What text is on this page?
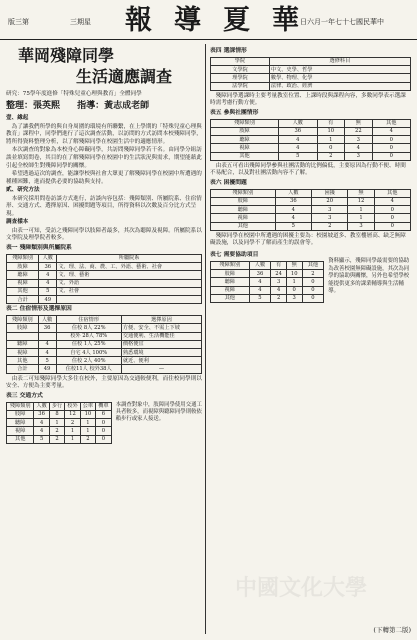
版三第	三期星 報導夏華
日六月一年七十七國民華中
華岡殘障同學
生活適應調查
研究：75學年度進修「特殊兒童心理與教育」全體同學
整理：張英熙 指導：黃志成老師

壹、緣起

為了讓我們所學的與自身周圍的環境有所聯繫，在上學期的「特殊兒童心理與教育」課程中，同學們進行了這次調查活動，以訪問的方式訪問本校殘障同學，將所得資料整理分析，以了解殘障同學在校園生活中的適應情形。

本次調查的對象為本校身心障礙同學，共訪問殘障同學若干名。由同學分組訪談並填寫問卷，其目的在了解殘障同學在校園中的生活狀況與需求，期望能藉此引起全校師生對殘障同學的關懷。

希望透過這次的調查，能讓學校與社會大眾更了解殘障同學在校園中所遭遇的種種困難，進而提供必要的協助與支持。

貳、研究方法

本研究採用問卷訪談方式進行，訪談內容包括：殘障類別、所屬院系、住宿情形、交通方式、選擇原因、困擾問題等項目，所得資料以次數及百分比方式呈現。

調查樣本

由表一可知，受訪之殘障同學以肢障者最多，其次為聽障及視障。所屬院系以文學院及理學院者較多。

表一 殘障類別與所屬院系
殘障類別	人數	所屬院系
肢障	36	文、理、法、商、農、工、外語、藝術、社會
聽障	4	文、理、藝術
視障	4	文、外語
其他	5	文、社會
合計	49	
表二 住宿情形及選擇原因
殘障類別	人數	住宿情形	選擇原因
肢障	36	住校 8人 22%	方便、安全、不需上下坡
		校外 28人 78%	交通便利、生活機能佳
聽障	4	住校 1人 25%	價格便宜
視障	4	自宅 4人 100%	熟悉環境
其他	5	住校 2人 40%	就近、便利
合計	49	住校11人 校外38人	—

由表二可知殘障同學大多住在校外，主要原因為交通較便利，而住校同學則以安全、方便為主要考量。

表三 交通方式
殘障類別	人數	步行	校外	公車	機車
肢障	36	8	12	10	6
聽障	4	1	2	1	0
視障	4	2	1	1	0
其他	5	2	1	2	0
本調查對象中，肢障同學使用交通工具者較多，而視障與聽障同學則較依賴步行或家人接送。
表四 選課情形
學院	選修科目
文學院	中文、史學、哲學
理學院	數學、物理、化學
法學院	法律、政治、經濟

殘障同學選課時主要考量教室位置、上課時段與課程內容，多數同學表示選課時需考慮行動方便。

表五 參與社團情形
殘障類別	人數	有	無	其他
肢障	36	10	22	4
聽障	4	1	3	0
視障	4	0	4	0
其他	5	2	3	0

由表五可看出殘障同學參與社團活動的比例偏低，主要原因為行動不便、時間不易配合，以及對社團活動內容不了解。

表六 困擾問題
殘障類別	人數	困擾	無	其他
肢障	36	20	12	4
聽障	4	3	1	0
視障	4	3	1	0
其他	5	2	3	0

殘障同學在校園中所遭遇的困擾主要為：校園坡道多、教室樓層高、缺乏無障礙設施，以及同學不了解而產生的誤會等。

表七 需要協助項目
殘障類別	人數	有	無	其他
肢障	36	24	10	2
聽障	4	3	1	0
視障	4	4	0	0
其他	5	2	3	0
資料顯示，殘障同學最需要的協助為改善校園無障礙設施，其次為同學的協助與關懷，另外也希望學校能提供更多的課業輔導與生活輔導。
中國文化大學
(下轉第二版)
